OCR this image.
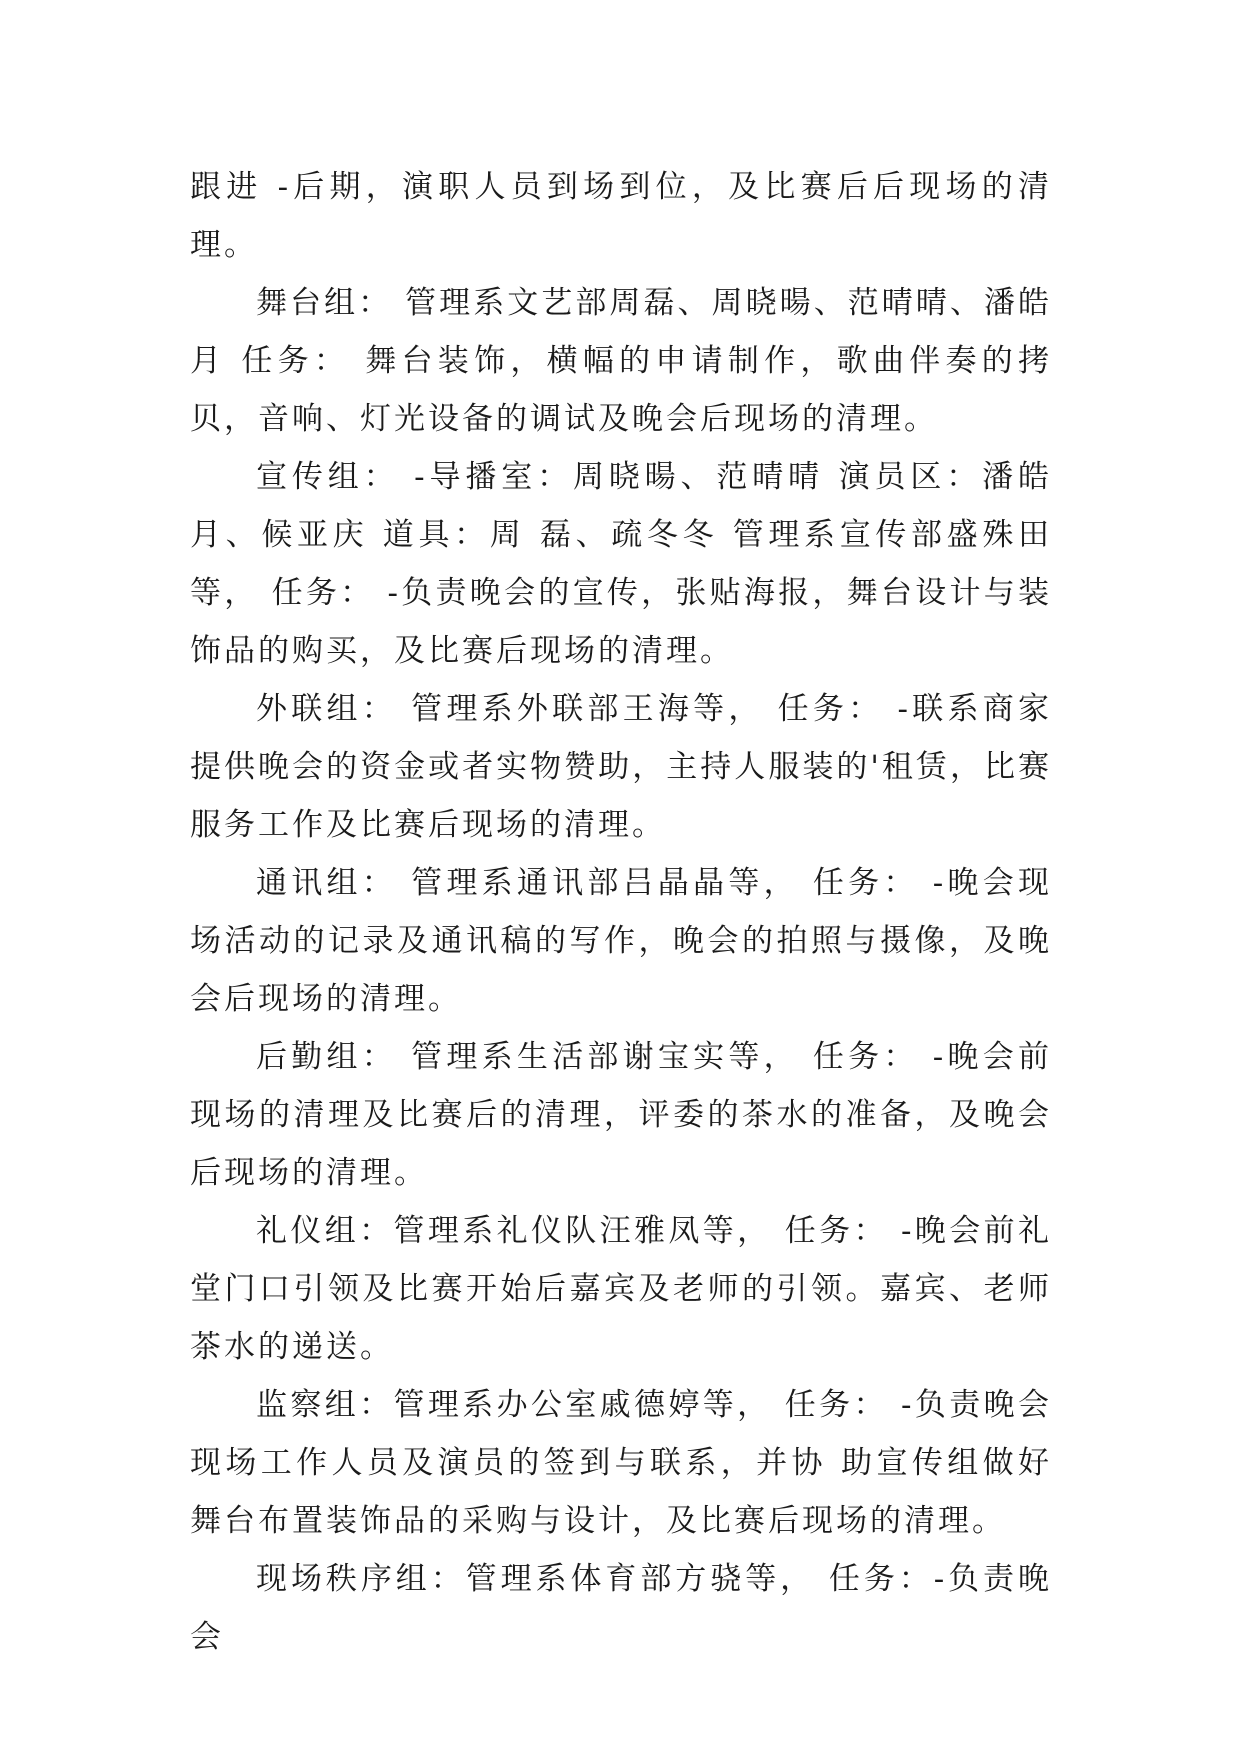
跟进 -后期，演职人员到场到位，及比赛后后现场的清理。

舞台组： 管理系文艺部周磊、周晓暘、范晴晴、潘皓月 任务： 舞台装饰，横幅的申请制作，歌曲伴奏的拷贝，音响、灯光设备的调试及晚会后现场的清理。

宣传组： -导播室：周晓暘、范晴晴 演员区：潘皓月、候亚庆 道具：周 磊、疏冬冬 管理系宣传部盛殊田等， 任务： -负责晚会的宣传，张贴海报，舞台设计与装饰品的购买，及比赛后现场的清理。

外联组： 管理系外联部王海等， 任务： -联系商家提供晚会的资金或者实物赞助，主持人服装的'租赁，比赛服务工作及比赛后现场的清理。

通讯组： 管理系通讯部吕晶晶等， 任务： -晚会现场活动的记录及通讯稿的写作，晚会的拍照与摄像，及晚会后现场的清理。

后勤组： 管理系生活部谢宝实等， 任务： -晚会前现场的清理及比赛后的清理，评委的茶水的准备，及晚会后现场的清理。

礼仪组：管理系礼仪队汪雅凤等， 任务： -晚会前礼堂门口引领及比赛开始后嘉宾及老师的引领。嘉宾、老师茶水的递送。

监察组：管理系办公室戚德婷等， 任务： -负责晚会现场工作人员及演员的签到与联系，并协 助宣传组做好舞台布置装饰品的采购与设计，及比赛后现场的清理。

现场秩序组：管理系体育部方骁等， 任务：-负责晚会
